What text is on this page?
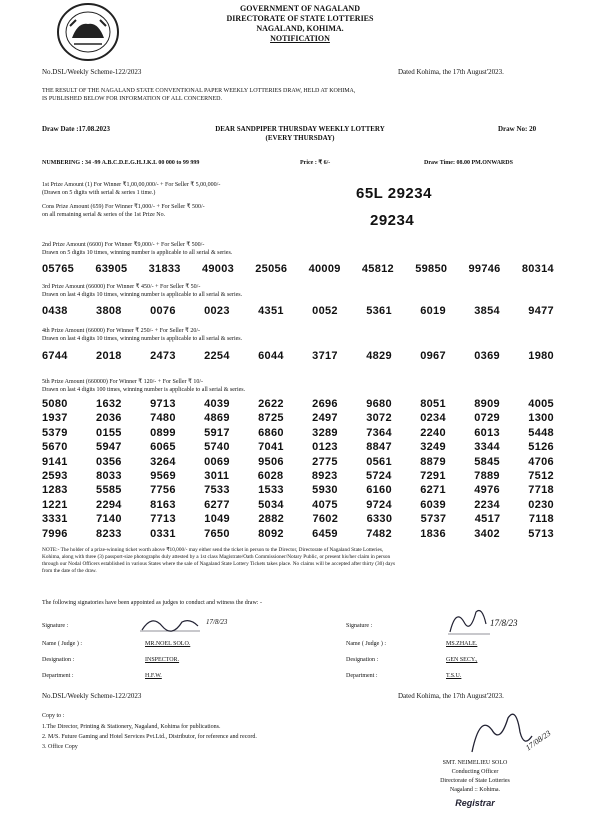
GOVERNMENT OF NAGALAND
DIRECTORATE OF STATE LOTTERIES
NAGALAND, KOHIMA.
NOTIFICATION
No.DSL/Weekly Scheme-122/2023	Dated Kohima, the 17th August'2023.
THE RESULT OF THE NAGALAND STATE CONVENTIONAL PAPER WEEKLY LOTTERIES DRAW, HELD AT KOHIMA,
IS PUBLISHED BELOW FOR INFORMATION OF ALL CONCERNED.
Draw Date :17.08.2023	DEAR SANDPIPER THURSDAY WEEKLY LOTTERY
(EVERY THURSDAY)
Draw No: 20
NUMBERING : 34 -99 A.B.C.D.E.G.H.J.K.L 00 000 to 99 999	Price : ₹ 6/-	Draw Time: 08.00 PM.ONWARDS
1st Prize Amount (1) For Winner ₹1,00,00,000/- + For Seller ₹ 5,00,000/-
(Drawn on 5 digits with serial & series 1 time.)	65L 29234
Cons Prize Amount (659) For Winner ₹1,000/- + For Seller ₹ 500/-
on all remaining serial & series of the 1st Prize No.	29234
2nd Prize Amount (6600) For Winner ₹9,000/- + For Seller ₹ 500/-
Drawn on 5 digits 10 times, winning number is applicable to all serial & series.
05765 63905 31833 49003 25056 40009 45812 59850 99746 80314
3rd Prize Amount (66000) For Winner ₹ 450/- + For Seller ₹ 50/-
Drawn on last 4 digits 10 times, winning number is applicable to all serial & series.
0438	3808	0076	0023	4351	0052	5361	6019	3854	9477
4th Prize Amount (66000) For Winner ₹ 250/- + For Seller ₹ 20/-
Drawn on last 4 digits 10 times, winning number is applicable to all serial & series.
6744	2018	2473	2254	6044	3717	4829	0967	0369	1980
5th Prize Amount (660000) For Winner ₹ 120/- + For Seller ₹ 10/-
Drawn on last 4 digits 100 times, winning number is applicable to all serial & series.
5080	1632	9713	4039	2622	2696	9680	8051	8909	4005
1937	2036	7480	4869	8725	2497	3072	0234	0729	1300
5379	0155	0899	5917	6860	3289	7364	2240	6013	5448
5670	5947	6065	5740	7041	0123	8847	3249	3344	5126
9141	0356	3264	0069	9506	2775	0561	8879	5845	4706
2593	8033	9569	3011	6028	8923	5724	7291	7889	7512
1283	5585	7756	7533	1533	5930	6160	6271	4976	7718
1221	2294	8163	6277	5034	4075	9724	6039	2234	0230
3331	7140	7713	1049	2882	7602	6330	5737	4517	7118
7996	8233	0331	7650	8092	6459	7482	1836	3402	5713
NOTE:- The holder of a prize-winning ticket worth above ₹10,000/- may either send the ticket in person to the Director, Directorate of Nagaland State Lotteries,
Kohima, along with three (3) passport-size photographs duly attested by a 1st class Magistrate/Oath Commissioner/Notary Public, or present his/her claim in person
through our Nodal Officers established in various States where the sale of Nagaland State Lottery Tickets takes place. No claims will be accepted after thirty (30) days
from the date of the draw.
The following signatories have been appointed as judges to conduct and witness the draw: -
Signature :	17/8/23
Name ( Judge ) :	MR.NOEL SOLO.
Designation :	INSPECTOR.
Department :	H.F.W.
Signature :	17/8/23
Name ( Judge ) :	MS.ZHALE.
Designation :	GEN SECY.,
Department :	T.S.U.
No.DSL/Weekly Scheme-122/2023	Dated Kohima, the 17th August'2023.
Copy to :
1.The Director, Printing & Stationery, Nagaland, Kohima for publications.
2. M/S. Future Gaming and Hotel Services Pvt.Ltd., Distributor, for reference and record.
3. Office Copy	17/08/23
SMT. NEIMELIEU SOLO
Conducting Officer
Directorate of State Lotteries
Nagaland :: Kohima.
Registrar
